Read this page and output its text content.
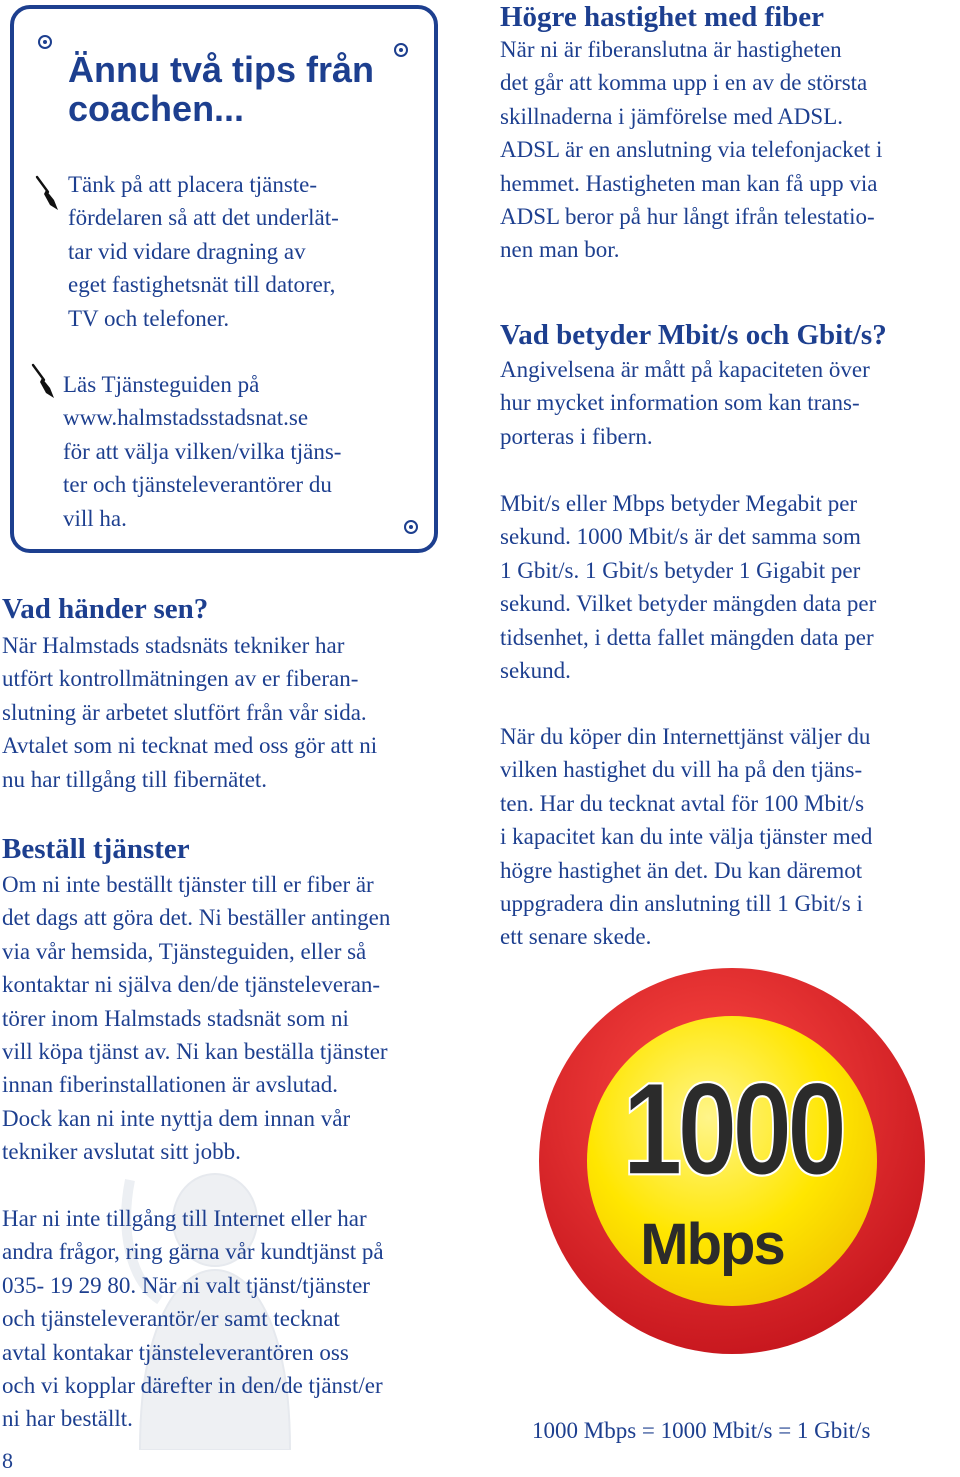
Ännu två tips från
coachen...

Tänk på att placera tjänste-
fördelaren så att det underlät-
tar vid vidare dragning av
eget fastighetsnät till datorer,
TV och telefoner.

Läs Tjänsteguiden på
www.halmstadsstadsnat.se
för att välja vilken/vilka tjäns-
ter och tjänsteleverantörer du
vill ha.

Vad händer sen?

När Halmstads stadsnäts tekniker har
utfört kontrollmätningen av er fiberan-
slutning är arbetet slutfört från vår sida.
Avtalet som ni tecknat med oss gör att ni
nu har tillgång till fibernätet.

Beställ tjänster

Om ni inte beställt tjänster till er fiber är
det dags att göra det. Ni beställer antingen
via vår hemsida, Tjänsteguiden, eller så
kontaktar ni själva den/de tjänsteleveran-
törer inom Halmstads stadsnät som ni
vill köpa tjänst av. Ni kan beställa tjänster
innan fiberinstallationen är avslutad.
Dock kan ni inte nyttja dem innan vår
tekniker avslutat sitt jobb.

Har ni inte tillgång till Internet eller har
andra frågor, ring gärna vår kundtjänst på
035- 19 29 80. När ni valt tjänst/tjänster
och tjänsteleverantör/er samt tecknat
avtal kontakar tjänsteleverantören oss
och vi kopplar därefter in den/de tjänst/er
ni har beställt.

Högre hastighet med fiber

När ni är fiberanslutna är hastigheten
det går att komma upp i en av de största
skillnaderna i jämförelse med ADSL.
ADSL är en anslutning via telefonjacket i
hemmet. Hastigheten man kan få upp via
ADSL beror på hur långt ifrån telestatio-
nen man bor.

Vad betyder Mbit/s och Gbit/s?

Angivelsena är mått på kapaciteten över
hur mycket information som kan trans-
porteras i fibern.

Mbit/s eller Mbps betyder Megabit per
sekund. 1000 Mbit/s är det samma som
1 Gbit/s. 1 Gbit/s betyder 1 Gigabit per
sekund. Vilket betyder mängden data per
tidsenhet, i detta fallet mängden data per
sekund.

När du köper din Internettjänst väljer du
vilken hastighet du vill ha på den tjäns-
ten. Har du tecknat avtal för 100 Mbit/s
i kapacitet kan du inte välja tjänster med
högre hastighet än det. Du kan däremot
uppgradera din anslutning till 1 Gbit/s i
ett senare skede.

1000
Mbps

1000 Mbps = 1000 Mbit/s = 1 Gbit/s

8
